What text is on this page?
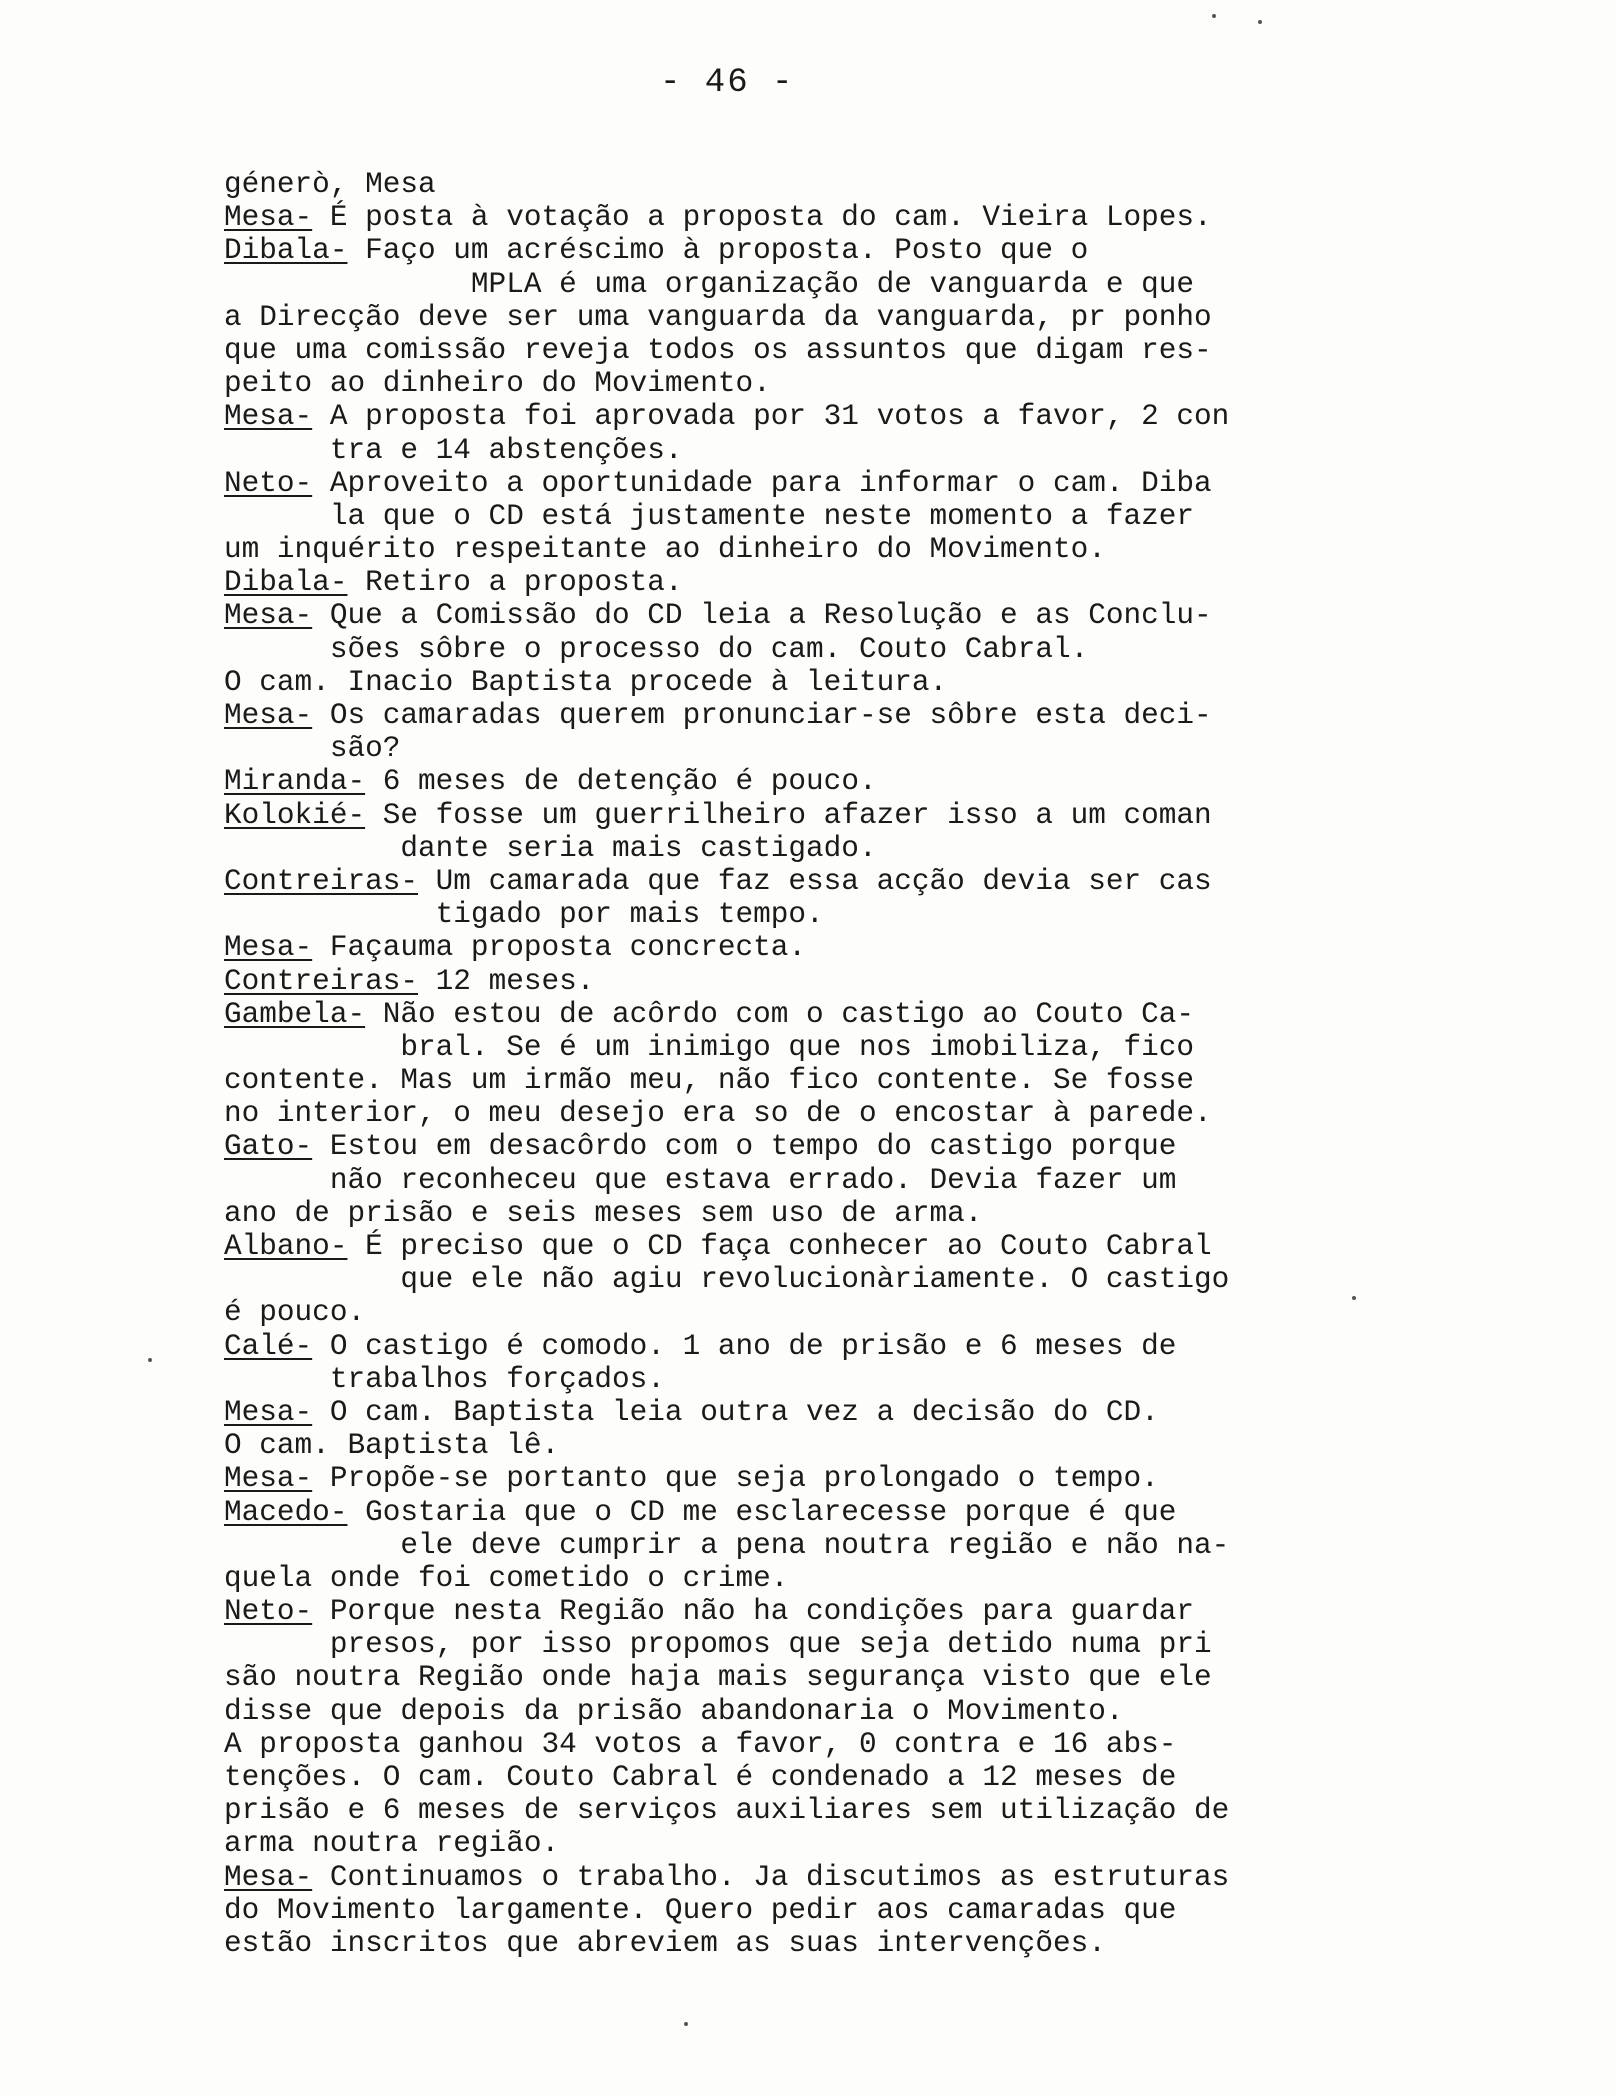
- 46 -
génerò, Mesa
Mesa- É posta à votação a proposta do cam. Vieira Lopes.
Dibala- Faço um acréscimo à proposta. Posto que o
MPLA é uma organização de vanguarda e que
a Direcção deve ser uma vanguarda da vanguarda, pr ponho
que uma comissão reveja todos os assuntos que digam res-
peito ao dinheiro do Movimento.
Mesa- A proposta foi aprovada por 31 votos a favor, 2 con
tra e 14 abstenções.
Neto- Aproveito a oportunidade para informar o cam. Diba
la que o CD está justamente neste momento a fazer
um inquérito respeitante ao dinheiro do Movimento.
Dibala- Retiro a proposta.
Mesa- Que a Comissão do CD leia a Resolução e as Conclu-
sões sôbre o processo do cam. Couto Cabral.
O cam. Inacio Baptista procede à leitura.
Mesa- Os camaradas querem pronunciar-se sôbre esta deci-
são?
Miranda- 6 meses de detenção é pouco.
Kolokié- Se fosse um guerrilheiro afazer isso a um coman
dante seria mais castigado.
Contreiras- Um camarada que faz essa acção devia ser cas
tigado por mais tempo.
Mesa- Façauma proposta concrecta.
Contreiras- 12 meses.
Gambela- Não estou de acôrdo com o castigo ao Couto Ca-
bral. Se é um inimigo que nos imobiliza, fico
contente. Mas um irmão meu, não fico contente. Se fosse
no interior, o meu desejo era so de o encostar à parede.
Gato- Estou em desacôrdo com o tempo do castigo porque
não reconheceu que estava errado. Devia fazer um
ano de prisão e seis meses sem uso de arma.
Albano- É preciso que o CD faça conhecer ao Couto Cabral
que ele não agiu revolucionàriamente. O castigo
é pouco.
Calé- O castigo é comodo. 1 ano de prisão e 6 meses de
trabalhos forçados.
Mesa- O cam. Baptista leia outra vez a decisão do CD.
O cam. Baptista lê.
Mesa- Propõe-se portanto que seja prolongado o tempo.
Macedo- Gostaria que o CD me esclarecesse porque é que
ele deve cumprir a pena noutra região e não na-
quela onde foi cometido o crime.
Neto- Porque nesta Região não ha condições para guardar
presos, por isso propomos que seja detido numa pri
são noutra Região onde haja mais segurança visto que ele
disse que depois da prisão abandonaria o Movimento.
A proposta ganhou 34 votos a favor, 0 contra e 16 abs-
tenções. O cam. Couto Cabral é condenado a 12 meses de
prisão e 6 meses de serviços auxiliares sem utilização de
arma noutra região.
Mesa- Continuamos o trabalho. Ja discutimos as estruturas
do Movimento largamente. Quero pedir aos camaradas que
estão inscritos que abreviem as suas intervenções.
